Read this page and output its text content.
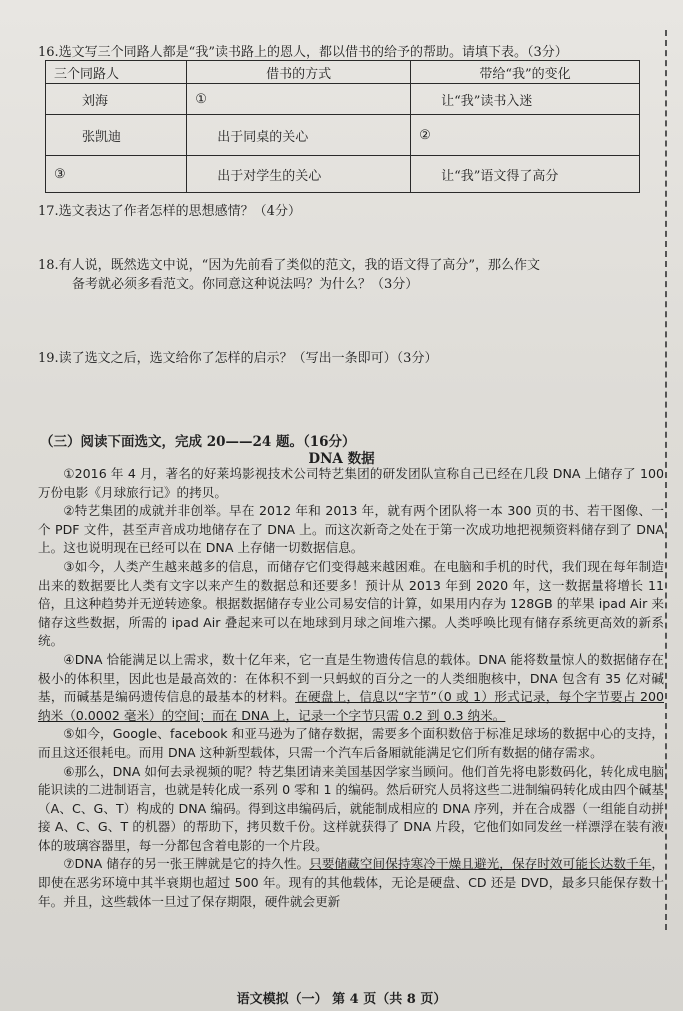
16.选文写三个同路人都是“我”读书路上的恩人，都以借书的给予的帮助。请填下表。（3分）
三个同路人	借书的方式	带给“我”的变化
刘海	①	让“我”读书入迷
张凯迪	出于同桌的关心	②
③	出于对学生的关心	让“我”语文得了高分
17.选文表达了作者怎样的思想感情？（4分）
18.有人说，既然选文中说，“因为先前看了类似的范文，我的语文得了高分”，那么作文
备考就必须多看范文。你同意这种说法吗？为什么？（3分）
19.读了选文之后，选文给你了怎样的启示？（写出一条即可）（3分）
（三）阅读下面选文，完成 20——24 题。（16分）
DNA 数据

①2016 年 4 月，著名的好莱坞影视技术公司特艺集团的研发团队宣称自己已经在几段 DNA 上储存了 100 万份电影《月球旅行记》的拷贝。

②特艺集团的成就并非创举。早在 2012 年和 2013 年，就有两个团队将一本 300 页的书、若干图像、一个 PDF 文件，甚至声音成功地储存在了 DNA 上。而这次新奇之处在于第一次成功地把视频资料储存到了 DNA 上。这也说明现在已经可以在 DNA 上存储一切数据信息。

③如今，人类产生越来越多的信息，而储存它们变得越来越困难。在电脑和手机的时代，我们现在每年制造出来的数据要比人类有文字以来产生的数据总和还要多！预计从 2013 年到 2020 年，这一数据量将增长 11 倍，且这种趋势并无逆转迹象。根据数据储存专业公司易安信的计算，如果用内存为 128GB 的苹果 ipad Air 来储存这些数据，所需的 ipad Air 叠起来可以在地球到月球之间堆六摞。人类呼唤比现有储存系统更高效的新系统。

④DNA 恰能满足以上需求，数十亿年来，它一直是生物遗传信息的载体。DNA 能将数量惊人的数据储存在极小的体积里，因此也是最高效的：在体积不到一只蚂蚁的百分之一的人类细胞核中，DNA 包含有 35 亿对碱基，而碱基是编码遗传信息的最基本的材料。在硬盘上，信息以“字节”（0 或 1）形式记录，每个字节要占 200 纳米（0.0002 毫米）的空间；而在 DNA 上，记录一个字节只需 0.2 到 0.3 纳米。

⑤如今，Google、facebook 和亚马逊为了储存数据，需要多个面积数倍于标准足球场的数据中心的支持，而且这还很耗电。而用 DNA 这种新型载体，只需一个汽车后备厢就能满足它们所有数据的储存需求。

⑥那么，DNA 如何去录视频的呢？特艺集团请来美国基因学家当顾问。他们首先将电影数码化，转化成电脑能识读的二进制语言，也就是转化成一系列 0 零和 1 的编码。然后研究人员将这些二进制编码转化成由四个碱基（A、C、G、T）构成的 DNA 编码。得到这串编码后，就能制成相应的 DNA 序列，并在合成器（一组能自动拼接 A、C、G、T 的机器）的帮助下，拷贝数千份。这样就获得了 DNA 片段，它他们如同发丝一样漂浮在装有液体的玻璃容器里，每一分都包含着电影的一个片段。

⑦DNA 储存的另一张王牌就是它的持久性。只要储藏空间保持寒冷干燥且避光，保存时效可能长达数千年，即使在恶劣环境中其半衰期也超过 500 年。现有的其他载体，无论是硬盘、CD 还是 DVD，最多只能保存数十年。并且，这些载体一旦过了保存期限，硬件就会更新

语文模拟（一） 第 4 页（共 8 页）
